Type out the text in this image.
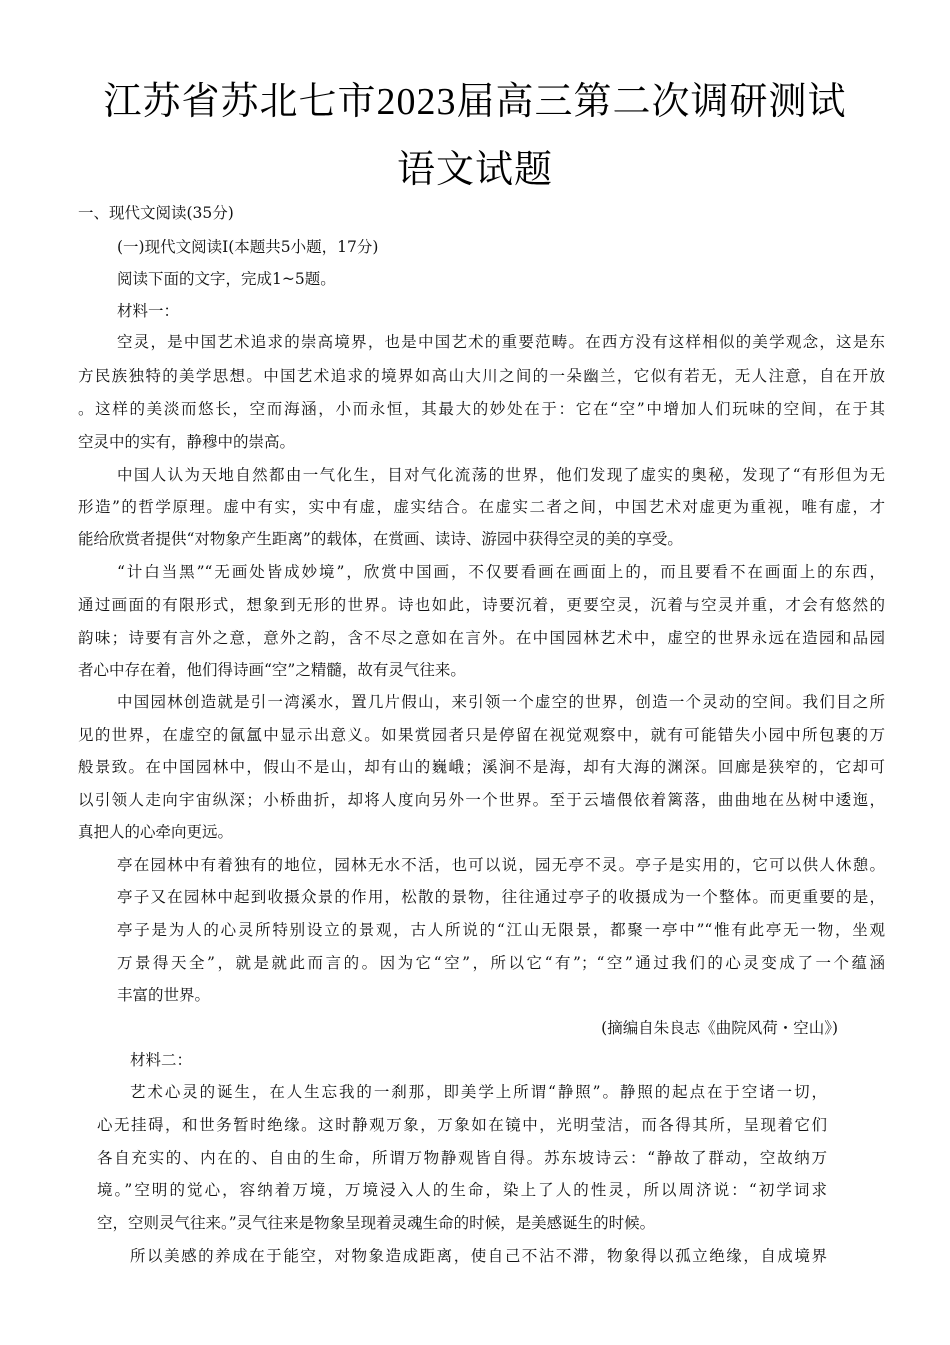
江苏省苏北七市2023届高三第二次调研测试
语文试题

一、现代文阅读(35分)

(一)现代文阅读I(本题共5小题，17分)

阅读下面的文字，完成1~5题。

材料一：

空灵，是中国艺术追求的崇高境界，也是中国艺术的重要范畴。在西方没有这样相似的美学观念，这是东

方民族独特的美学思想。中国艺术追求的境界如高山大川之间的一朵幽兰，它似有若无，无人注意，自在开放

。这样的美淡而悠长，空而海涵，小而永恒，其最大的妙处在于：它在“空”中增加人们玩味的空间，在于其

空灵中的实有，静穆中的崇高。

中国人认为天地自然都由一气化生，目对气化流荡的世界，他们发现了虚实的奥秘，发现了“有形但为无

形造”的哲学原理。虚中有实，实中有虚，虚实结合。在虚实二者之间，中国艺术对虚更为重视，唯有虚，才

能给欣赏者提供“对物象产生距离”的载体，在赏画、读诗、游园中获得空灵的美的享受。

“计白当黑”“无画处皆成妙境”，欣赏中国画，不仅要看画在画面上的，而且要看不在画面上的东西，

通过画面的有限形式，想象到无形的世界。诗也如此，诗要沉着，更要空灵，沉着与空灵并重，才会有悠然的

韵味；诗要有言外之意，意外之韵，含不尽之意如在言外。在中国园林艺术中，虚空的世界永远在造园和品园

者心中存在着，他们得诗画“空”之精髓，故有灵气往来。

中国园林创造就是引一湾溪水，置几片假山，来引领一个虚空的世界，创造一个灵动的空间。我们目之所

见的世界，在虚空的氤氲中显示出意义。如果赏园者只是停留在视觉观察中，就有可能错失小园中所包裹的万

般景致。在中国园林中，假山不是山，却有山的巍峨；溪涧不是海，却有大海的渊深。回廊是狭窄的，它却可

以引领人走向宇宙纵深；小桥曲折，却将人度向另外一个世界。至于云墙偎依着篱落，曲曲地在丛树中逶迤，

真把人的心牵向更远。

亭在园林中有着独有的地位，园林无水不活，也可以说，园无亭不灵。亭子是实用的，它可以供人休憩。

亭子又在园林中起到收摄众景的作用，松散的景物，往往通过亭子的收摄成为一个整体。而更重要的是，

亭子是为人的心灵所特别设立的景观，古人所说的“江山无限景，都聚一亭中”“惟有此亭无一物，坐观

万景得天全”，就是就此而言的。因为它“空”，所以它“有”；“空”通过我们的心灵变成了一个蕴涵

丰富的世界。

(摘编自朱良志《曲院风荷・空山》)

材料二：

艺术心灵的诞生，在人生忘我的一刹那，即美学上所谓“静照”。静照的起点在于空诸一切，

心无挂碍，和世务暂时绝缘。这时静观万象，万象如在镜中，光明莹洁，而各得其所，呈现着它们

各自充实的、内在的、自由的生命，所谓万物静观皆自得。苏东坡诗云：“静故了群动，空故纳万

境。”空明的觉心，容纳着万境，万境浸入人的生命，染上了人的性灵，所以周济说：“初学词求

空，空则灵气往来。”灵气往来是物象呈现着灵魂生命的时候，是美感诞生的时候。

所以美感的养成在于能空，对物象造成距离，使自己不沾不滞，物象得以孤立绝缘，自成境界
